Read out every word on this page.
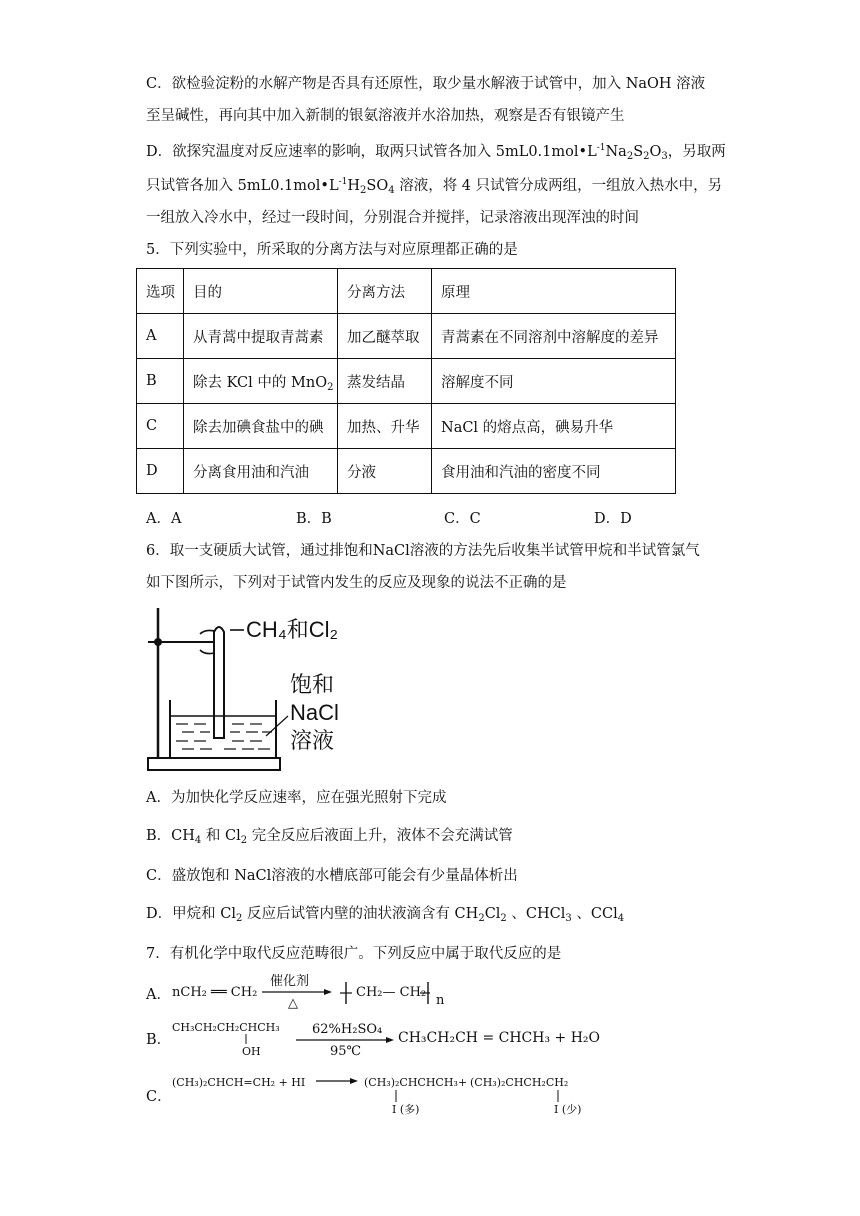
C．欲检验淀粉的水解产物是否具有还原性，取少量水解液于试管中，加入 NaOH 溶液
至呈碱性，再向其中加入新制的银氨溶液并水浴加热，观察是否有银镜产生
D．欲探究温度对反应速率的影响，取两只试管各加入 $5mL0.1mol•L^{-1}Na_2S_2O_3$，另取两
只试管各加入 $5mL0.1mol•L^{-1}H_2SO_4$ 溶液，将 4 只试管分成两组，一组放入热水中，另
一组放入冷水中，经过一段时间，分别混合并搅拌，记录溶液出现浑浊的时间
5．下列实验中，所采取的分离方法与对应原理都正确的是
选项	目的	分离方法	原理
A	从青蒿中提取青蒿素	加乙醚萃取	青蒿素在不同溶剂中溶解度的差异
B	除去 KCl 中的 MnO$_2$	蒸发结晶	溶解度不同
C	除去加碘食盐中的碘	加热、升华	NaCl 的熔点高，碘易升华
D	分离食用油和汽油	分液	食用油和汽油的密度不同
A．A	B．B	C．C	D．D
6．取一支硬质大试管，通过排饱和NaCl溶液的方法先后收集半试管甲烷和半试管氯气
如下图所示，下列对于试管内发生的反应及现象的说法不正确的是
CH₄和Cl₂
饱和
NaCl
溶液
A．为加快化学反应速率，应在强光照射下完成
B．$CH_4$ 和 $Cl_2$ 完全反应后液面上升，液体不会充满试管
C．盛放饱和 NaCl溶液的水槽底部可能会有少量晶体析出
D．甲烷和 $Cl_2$ 反应后试管内壁的油状液滴含有 $CH_2Cl_2$ 、CHCl$_3$ 、CCl$_4$
7．有机化学中取代反应范畴很广。下列反应中属于取代反应的是
A． nCH₂ ══ CH₂
催化剂
△
CH₂— CH₂
n
B．
CH₃CH₂CH₂CHCH₃
OH
62%H₂SO₄
95℃
CH₃CH₂CH = CHCH₃ + H₂O
C．
(CH₃)₂CHCH=CH₂ + HI	(CH₃)₂CHCHCH₃ + (CH₃)₂CHCH₂CH₂
I (多)	I (少)
